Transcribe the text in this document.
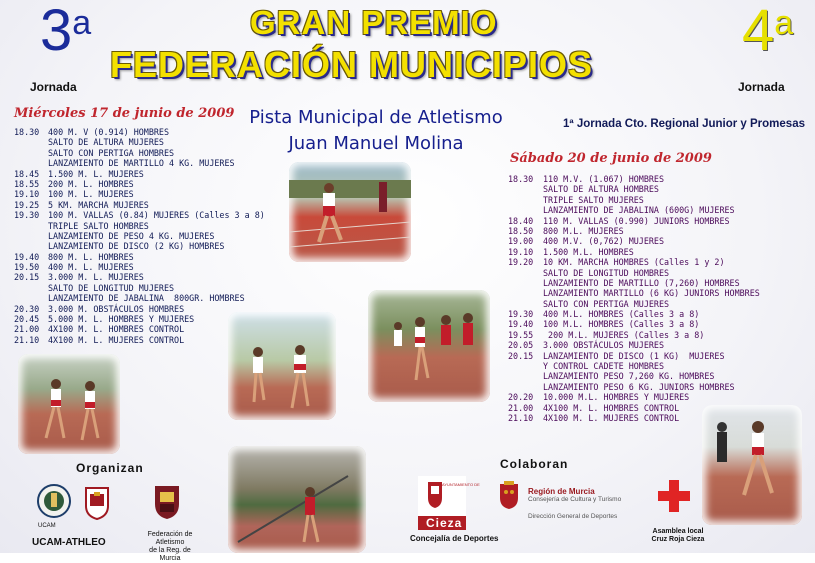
3a
Jornada
GRAN PREMIO
FEDERACIÓN MUNICIPIOS
4a
Jornada
Miércoles 17 de junio de 2009
Sábado 20 de junio de 2009
Pista Municipal de Atletismo
Juan Manuel Molina
1ª Jornada Cto. Regional Junior y Promesas
18.30 400 M. V (0.914) HOMBRES
SALTO DE ALTURA MUJERES
SALTO CON PERTIGA HOMBRES
LANZAMIENTO DE MARTILLO 4 KG. MUJERES
18.45 1.500 M. L. MUJERES
18.55 200 M. L. HOMBRES
19.10 100 M. L. MUJERES
19.25 5 KM. MARCHA MUJERES
19.30 100 M. VALLAS (0.84) MUJERES (Calles 3 a 8)
TRIPLE SALTO HOMBRES
LANZAMIENTO DE PESO 4 KG. MUJERES
LANZAMIENTO DE DISCO (2 KG) HOMBRES
19.40 800 M. L. HOMBRES
19.50 400 M. L. MUJERES
20.15 3.000 M. L. MUJERES
SALTO DE LONGITUD MUJERES
LANZAMIENTO DE JABALINA  800GR. HOMBRES
20.30 3.000 M. OBSTÁCULOS HOMBRES
20.45 5.000 M. L. HOMBRES Y MUJERES
21.00 4X100 M. L. HOMBRES CONTROL
21.10 4X100 M. L. MUJERES CONTROL
18.30 110 M.V. (1.067) HOMBRES
SALTO DE ALTURA HOMBRES
TRIPLE SALTO MUJERES
LANZAMIENTO DE JABALINA (600G) MUJERES
18.40 110 M. VALLAS (0.990) JUNIORS HOMBRES
18.50 800 M.L. MUJERES
19.00 400 M.V. (0,762) MUJERES
19.10 1.500 M.L. HOMBRES
19.20 10 KM. MARCHA HOMBRES (Calles 1 y 2)
SALTO DE LONGITUD HOMBRES
LANZAMIENTO DE MARTILLO (7,260) HOMBRES
LANZAMIENTO MARTILLO (6 KG) JUNIORS HOMBRES
SALTO CON PERTIGA MUJERES
19.30 400 M.L. HOMBRES (Calles 3 a 8)
19.40 100 M.L. HOMBRES (Calles 3 a 8)
19.55 200 M.L. MUJERES (Calles 3 a 8)
20.05 3.000 OBSTÁCULOS MUJERES
20.15 LANZAMIENTO DE DISCO (1 KG)  MUJERES
Y CONTROL CADETE HOMBRES
LANZAMIENTO PESO 7,260 KG. HOMBRES
LANZAMIENTO PESO 6 KG. JUNIORS HOMBRES
20.20 10.000 M.L. HOMBRES Y MUJERES
21.00 4X100 M. L. HOMBRES CONTROL
21.10 4X100 M. L. MUJERES CONTROL
Organizan
UCAM
UCAM-ATHLEO
Federación de Atletismo
de la Reg. de Murcia
Colaboran
AYUNTAMIENTO DE
Cieza
Concejalía de Deportes
Región de Murcia
Consejería de Cultura y Turismo
Dirección General de Deportes
Asamblea local
Cruz Roja Cieza
